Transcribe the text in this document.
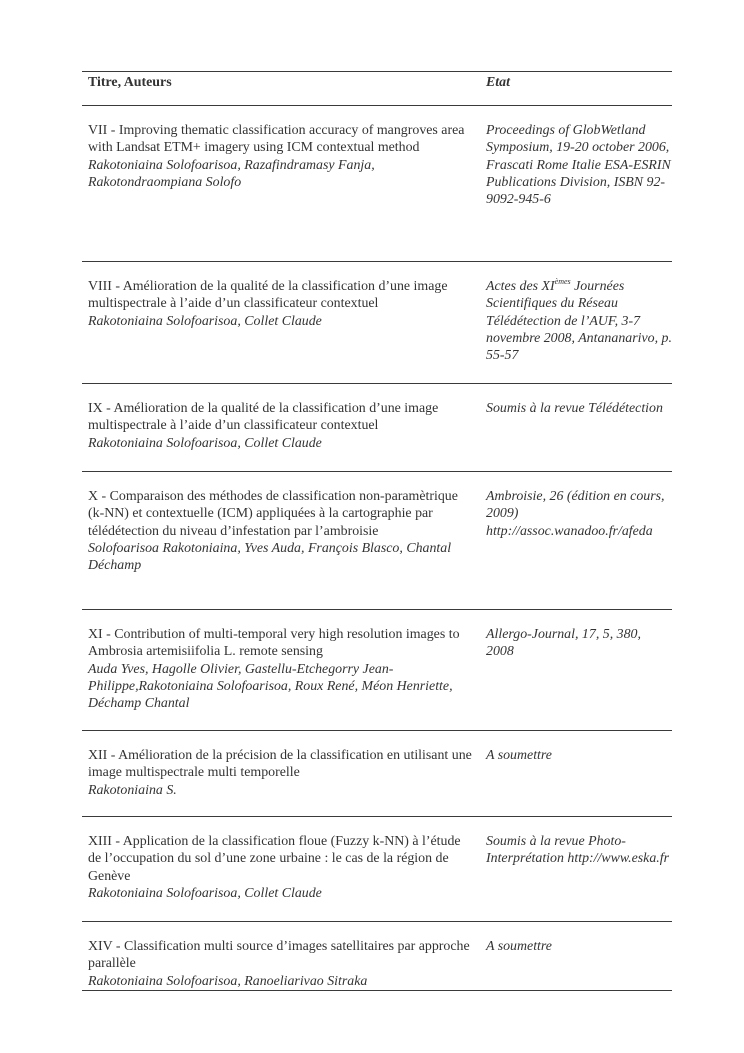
Titre, Auteurs	Etat

VII - Improving thematic classification accuracy of mangroves area with Landsat ETM+ imagery using ICM contextual method
Rakotoniaina Solofoarisoa, Razafindramasy Fanja, Rakotondraompiana Solofo	Proceedings of GlobWetland Symposium, 19-20 october 2006, Frascati Rome Italie ESA-ESRIN Publications Division, ISBN 92-9092-945-6

VIII - Amélioration de la qualité de la classification d’une image multispectrale à l’aide d’un classificateur contextuel
Rakotoniaina Solofoarisoa, Collet Claude	Actes des XIèmes Journées Scientifiques du Réseau Télédétection de l’AUF, 3-7 novembre 2008, Antananarivo, p. 55-57

IX - Amélioration de la qualité de la classification d’une image multispectrale à l’aide d’un classificateur contextuel
Rakotoniaina Solofoarisoa, Collet Claude	Soumis à la revue Télédétection

X - Comparaison des méthodes de classification non-paramètrique (k-NN) et contextuelle (ICM) appliquées à la cartographie par télédétection du niveau d’infestation par l’ambroisie
Solofoarisoa Rakotoniaina, Yves Auda, François Blasco, Chantal Déchamp	Ambroisie, 26 (édition en cours, 2009) http://assoc.wanadoo.fr/afeda

XI - Contribution of multi-temporal very high resolution images to Ambrosia artemisiifolia L. remote sensing
Auda Yves, Hagolle Olivier, Gastellu-Etchegorry Jean-Philippe,Rakotoniaina Solofoarisoa, Roux René, Méon Henriette, Déchamp Chantal	Allergo-Journal, 17, 5, 380, 2008

XII - Amélioration de la précision de la classification en utilisant une image multispectrale multi temporelle
Rakotoniaina S.	A soumettre

XIII - Application de la classification floue (Fuzzy k-NN) à l’étude de l’occupation du sol d’une zone urbaine : le cas de la région de Genève
Rakotoniaina Solofoarisoa, Collet Claude	Soumis à la revue Photo-Interprétation http://www.eska.fr

XIV - Classification multi source d’images satellitaires par approche parallèle
Rakotoniaina Solofoarisoa, Ranoeliarivao Sitraka	A soumettre
